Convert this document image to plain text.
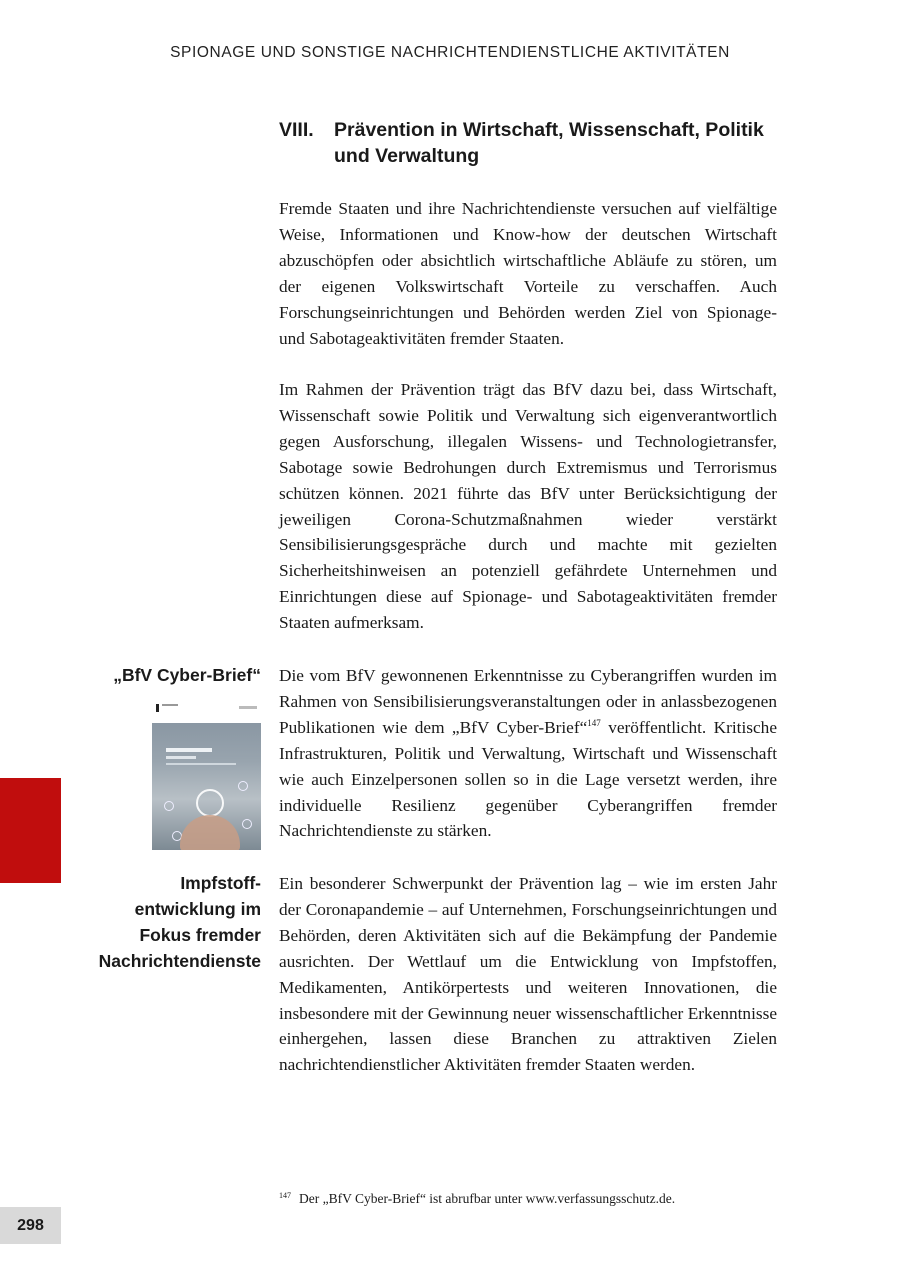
SPIONAGE UND SONSTIGE NACHRICHTENDIENSTLICHE AKTIVITÄTEN
VIII. Prävention in Wirtschaft, Wissenschaft, Politik und Verwaltung

Fremde Staaten und ihre Nachrichtendienste versuchen auf vielfältige Weise, Informationen und Know-how der deutschen Wirtschaft abzuschöpfen oder absichtlich wirtschaftliche Abläufe zu stören, um der eigenen Volkswirtschaft Vorteile zu verschaffen. Auch Forschungseinrichtungen und Behörden werden Ziel von Spionage- und Sabotageaktivitäten fremder Staaten.

Im Rahmen der Prävention trägt das BfV dazu bei, dass Wirtschaft, Wissenschaft sowie Politik und Verwaltung sich eigenverantwortlich gegen Ausforschung, illegalen Wissens- und Technologietransfer, Sabotage sowie Bedrohungen durch Extremismus und Terrorismus schützen können. 2021 führte das BfV unter Berücksichtigung der jeweiligen Corona-Schutzmaßnahmen wieder verstärkt Sensibilisierungsgespräche durch und machte mit gezielten Sicherheitshinweisen an potenziell gefährdete Unternehmen und Einrichtungen diese auf Spionage- und Sabotageaktivitäten fremder Staaten aufmerksam.

„BfV Cyber-Brief“ Die vom BfV gewonnenen Erkenntnisse zu Cyberangriffen wurden im Rahmen von Sensibilisierungsveranstaltungen oder in anlassbezogenen Publikationen wie dem „BfV Cyber-Brief“$^{147}$ veröffentlicht. Kritische Infrastrukturen, Politik und Verwaltung, Wirtschaft und Wissenschaft wie auch Einzelpersonen sollen so in die Lage versetzt werden, ihre individuelle Resilienz gegenüber Cyberangriffen fremder Nachrichtendienste zu stärken.

Impfstoff-
entwicklung im
Fokus fremder
Nachrichtendienste

Ein besonderer Schwerpunkt der Prävention lag – wie im ersten Jahr der Coronapandemie – auf Unternehmen, Forschungseinrichtungen und Behörden, deren Aktivitäten sich auf die Bekämpfung der Pandemie ausrichten. Der Wettlauf um die Entwicklung von Impfstoffen, Medikamenten, Antikörpertests und weiteren Innovationen, die insbesondere mit der Gewinnung neuer wissenschaftlicher Erkenntnisse einhergehen, lassen diese Branchen zu attraktiven Zielen nachrichtendienstlicher Aktivitäten fremder Staaten werden.

$^{147}$ Der „BfV Cyber-Brief“ ist abrufbar unter www.verfassungsschutz.de.
298
